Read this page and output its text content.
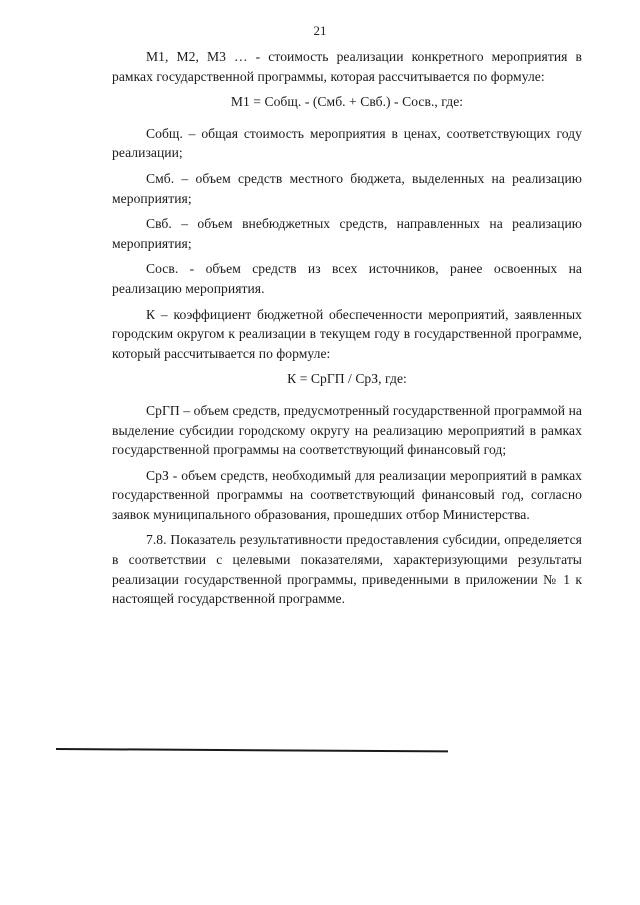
21

M1, M2, M3 … - стоимость реализации конкретного мероприятия в рамках государственной программы, которая рассчитывается по формуле:

M1 = Cобщ. - (Cмб. + Cвб.) - Cосв., где:

Cобщ. – общая стоимость мероприятия в ценах, соответствующих году реализации;

Cмб. – объем средств местного бюджета, выделенных на реализацию мероприятия;

Cвб. – объем внебюджетных средств, направленных на реализацию мероприятия;

Cосв. - объем средств из всех источников, ранее освоенных на реализацию мероприятия.

К – коэффициент бюджетной обеспеченности мероприятий, заявленных городским округом к реализации в текущем году в государственной программе, который рассчитывается по формуле:

К = CрГП / CрЗ, где:

CрГП – объем средств, предусмотренный государственной программой на выделение субсидии городскому округу на реализацию мероприятий в рамках государственной программы на соответствующий финансовый год;

CрЗ - объем средств, необходимый для реализации мероприятий в рамках государственной программы на соответствующий финансовый год, согласно заявок муниципального образования, прошедших отбор Министерства.

7.8. Показатель результативности предоставления субсидии, определяется в соответствии с целевыми показателями, характеризующими результаты реализации государственной программы, приведенными в приложении № 1 к настоящей государственной программе.
